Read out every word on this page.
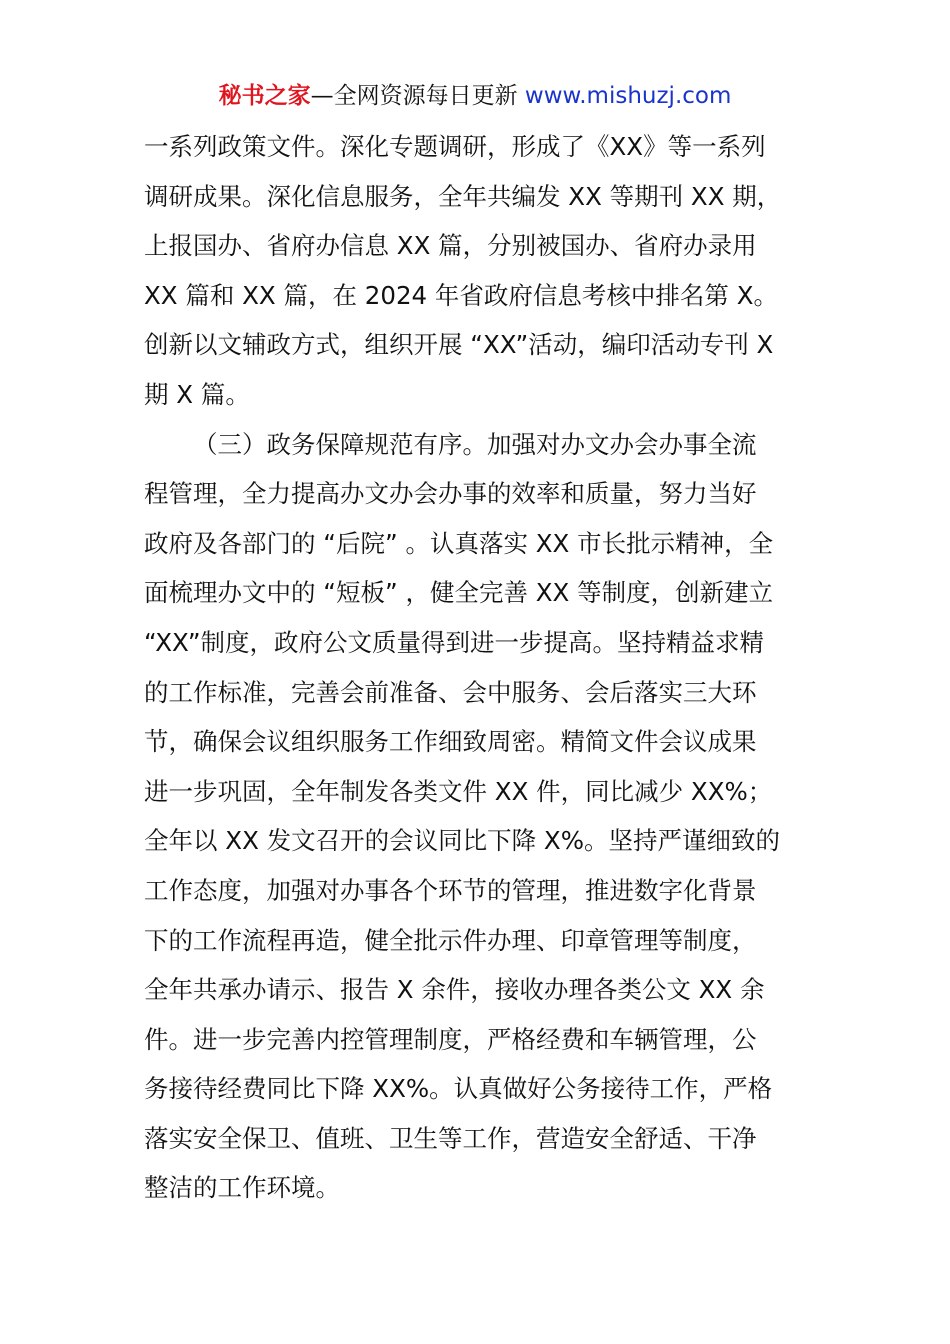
秘书之家—全网资源每日更新 www.mishuzj.com
一系列政策文件。深化专题调研，形成了《XX》等一系列
调研成果。深化信息服务，全年共编发 XX 等期刊 XX 期，
上报国办、省府办信息 XX 篇，分别被国办、省府办录用
XX 篇和 XX 篇，在 2024 年省政府信息考核中排名第 X。
创新以文辅政方式，组织开展 “XX”活动，编印活动专刊 X
期 X 篇。
（三）政务保障规范有序。加强对办文办会办事全流
程管理，全力提高办文办会办事的效率和质量，努力当好
政府及各部门的 “后院” 。认真落实 XX 市长批示精神，全
面梳理办文中的 “短板” ，健全完善 XX 等制度，创新建立
“XX”制度，政府公文质量得到进一步提高。坚持精益求精
的工作标准，完善会前准备、会中服务、会后落实三大环
节，确保会议组织服务工作细致周密。精简文件会议成果
进一步巩固，全年制发各类文件 XX 件，同比减少 XX%；
全年以 XX 发文召开的会议同比下降 X%。坚持严谨细致的
工作态度，加强对办事各个环节的管理，推进数字化背景
下的工作流程再造，健全批示件办理、印章管理等制度，
全年共承办请示、报告 X 余件，接收办理各类公文 XX 余
件。进一步完善内控管理制度，严格经费和车辆管理，公
务接待经费同比下降 XX%。认真做好公务接待工作，严格
落实安全保卫、值班、卫生等工作，营造安全舒适、干净
整洁的工作环境。
